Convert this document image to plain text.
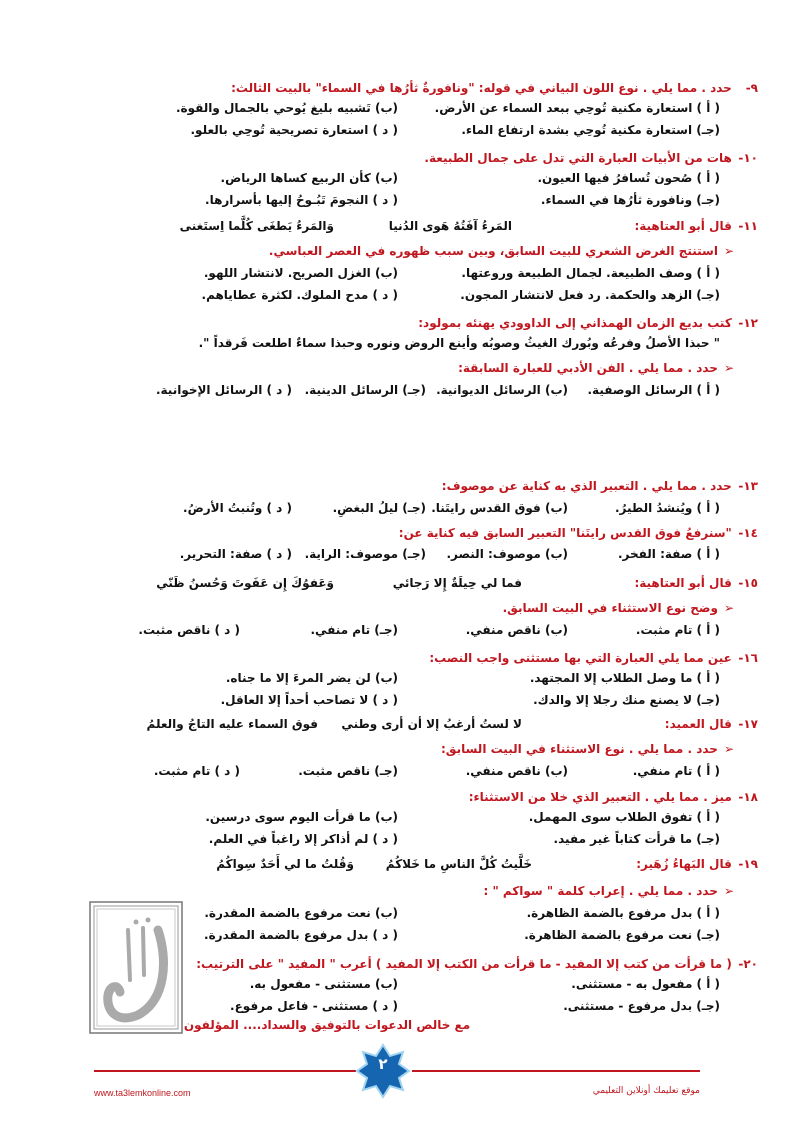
٩- حدد . مما يلي . نوع اللون البياني في قوله: "ونافورةٌ ثأرُها في السماء" بالبيت الثالث:
( أ ) استعارة مكنية تُوحِي ببعد السماء عن الأرض.
(ب) تَشبيه بليغ يُوحي بالجمال والقوة.
(جـ) استعارة مكنية تُوحِي بشدة ارتفاع الماء.
( د ) استعارة تصريحية تُوحِي بالعلو.
١٠- هات من الأبيات العبارة التي تدل على جمال الطبيعة.
( أ ) صُحون تُسافرُ فيها العيون.
(ب) كأن الربيع كساها الرياض.
(جـ) ونافورة ثأرُها في السماء.
( د ) النجومَ تَبُـوحُ إليها بأسرارها.
١١- قال أبو العتاهية:
المَرءُ آفَتُهُ هَوى الدُنيا
وَالمَرءُ يَطغَى كُلَّما اِستَغنى
➢استنتج الغرض الشعري للبيت السابق، وبين سبب ظهوره في العصر العباسي.
( أ ) وصف الطبيعة. لجمال الطبيعة وروعتها.
(ب) الغزل الصريح. لانتشار اللهو.
(جـ) الزهد والحكمة. رد فعل لانتشار المجون.
( د ) مدح الملوك. لكثرة عطاياهم.
١٢- كتب بديع الزمان الهمذاني إلى الداوودي يهنئه بمولود:
" حبذا الأصلُ وفرعُه وبُورك الغيثُ وصوبُه وأينع الروض ونوره وحبذا سماءٌ اطلعت فَرقداً ".
➢حدد . مما يلي . الفن الأدبي للعبارة السابقة:
( أ ) الرسائل الوصفية.
(ب) الرسائل الديوانية.
(جـ) الرسائل الدينية.
( د ) الرسائل الإخوانية.
١٣- حدد . مما يلي . التعبير الذي به كناية عن موصوف:
( أ ) ويُنشدُ الطيرُ.
(ب) فوق القدس رايتَنا.
(جـ) ليلُ البغضِ.
( د ) وتُنبتُ الأرضُ.
١٤- "سنرفعُ فوق القدس رايتَنا" التعبير السابق فيه كناية عن:
( أ ) صفة: الفخر.
(ب) موصوف: النصر.
(جـ) موصوف: الراية.
( د ) صفة: التحرير.
١٥- قال أبو العتاهية:
فما لي حِيلَةٌ إِلا رَجائي
وَعَفوُكَ إِن عَفَوتَ وَحُسنُ ظَنّي
➢وضح نوع الاستثناء في البيت السابق.
( أ ) تام مثبت.
(ب) ناقص منفي.
(جـ) تام منفي.
( د ) ناقص مثبت.
١٦- عين مما يلي العبارة التي بها مستثنى واجب النصب:
( أ ) ما وصل الطلاب إلا المجتهد.
(ب) لن يضر المرءَ إلا ما جناه.
(جـ) لا يصنع منك رجلا إلا والدك.
( د ) لا تصاحب أحداً إلا العاقل.
١٧- قال العميد:
لا لستُ أرغبُ إلا أن أرى وطني
فوق السماء عليه التاجُ والعلمُ
➢حدد . مما يلي . نوع الاستثناء في البيت السابق:
( أ ) تام منفي.
(ب) ناقص منفي.
(جـ) ناقص مثبت.
( د ) تام مثبت.
١٨- ميز . مما يلي . التعبير الذي خلا من الاستثناء:
( أ ) تفوق الطلاب سوى المهمل.
(ب) ما قرأت اليوم سوى درسين.
(جـ) ما قرأت كتاباً غير مفيد.
( د ) لم أذاكر إلا راغباً في العلم.
١٩- قال البَهاءُ زُهَير:
خَلَّيتُ كُلَّ الناسِ ما خَلاكُمُ
وَقُلتُ ما لي أَحَدٌ سِواكُمُ
➢حدد . مما يلي . إعراب كلمة " سواكم " :
( أ ) بدل مرفوع بالضمة الظاهرة.
(ب) نعت مرفوع بالضمة المقدرة.
(جـ) نعت مرفوع بالضمة الظاهرة.
( د ) بدل مرفوع بالضمة المقدرة.
٢٠- ( ما قرأت من كتب إلا المفيد - ما قرأت من الكتب إلا المفيد ) أعرب " المفيد " على الترتيب:
( أ ) مفعول به - مستثنى.
(ب) مستثنى - مفعول به.
(جـ) بدل مرفوع - مستثنى.
( د ) مستثنى - فاعل مرفوع.
مع خالص الدعوات بالتوفيق والسداد.... المؤلفون
٢
www.ta3lemkonline.com	موقع تعليمك أونلاين التعليمي
